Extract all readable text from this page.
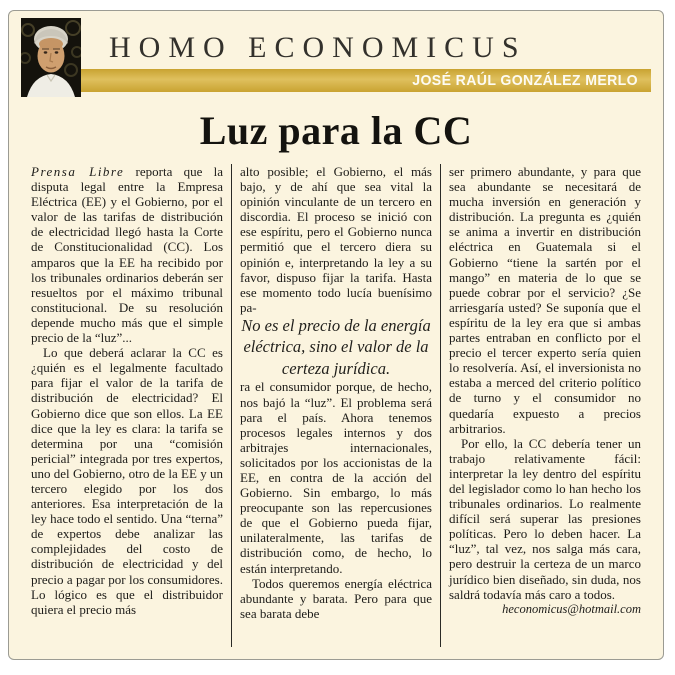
HOMO ECONOMICUS
JOSÉ RAÚL GONZÁLEZ MERLO
Luz para la CC

Prensa Libre reporta que la disputa legal entre la Empresa Eléctrica (EE) y el Gobierno, por el valor de las tarifas de distribución de electricidad llegó hasta la Corte de Constitucionalidad (CC). Los amparos que la EE ha recibido por los tribunales ordinarios deberán ser resueltos por el máximo tribunal constitucional. De su resolución depende mucho más que el simple precio de la “luz”...

Lo que deberá aclarar la CC es ¿quién es el legalmente facultado para fijar el valor de la tarifa de distribución de electricidad? El Gobierno dice que son ellos. La EE dice que la ley es clara: la tarifa se determina por una “comisión pericial” integrada por tres expertos, uno del Gobierno, otro de la EE y un tercero elegido por los dos anteriores. Esa interpretación de la ley hace todo el sentido. Una “terna” de expertos debe analizar las complejidades del costo de distribución de electricidad y del precio a pagar por los consumidores. Lo lógico es que el distribuidor quiera el precio más

alto posible; el Gobierno, el más bajo, y de ahí que sea vital la opinión vinculante de un tercero en discordia. El proceso se inició con ese espíritu, pero el Gobierno nunca permitió que el tercero diera su opinión e, interpretando la ley a su favor, dispuso fijar la tarifa. Hasta ese momento todo lucía buenísimo pa-

No es el precio de la energía eléctrica, sino el valor de la certeza jurídica.

ra el consumidor porque, de hecho, nos bajó la “luz”. El problema será para el país. Ahora tenemos procesos legales internos y dos arbitrajes internacionales, solicitados por los accionistas de la EE, en contra de la acción del Gobierno. Sin embargo, lo más preocupante son las repercusiones de que el Gobierno pueda fijar, unilateralmente, las tarifas de distribución como, de hecho, lo están interpretando.

Todos queremos energía eléctrica abundante y barata. Pero para que sea barata debe

ser primero abundante, y para que sea abundante se necesitará de mucha inversión en generación y distribución. La pregunta es ¿quién se anima a invertir en distribución eléctrica en Guatemala si el Gobierno “tiene la sartén por el mango” en materia de lo que se puede cobrar por el servicio? ¿Se arriesgaría usted? Se suponía que el espíritu de la ley era que si ambas partes entraban en conflicto por el precio el tercer experto sería quien lo resolvería. Así, el inversionista no estaba a merced del criterio político de turno y el consumidor no quedaría expuesto a precios arbitrarios.

Por ello, la CC debería tener un trabajo relativamente fácil: interpretar la ley dentro del espíritu del legislador como lo han hecho los tribunales ordinarios. Lo realmente difícil será superar las presiones políticas. Pero lo deben hacer. La “luz”, tal vez, nos salga más cara, pero destruir la certeza de un marco jurídico bien diseñado, sin duda, nos saldrá todavía más caro a todos.

heconomicus@hotmail.com
